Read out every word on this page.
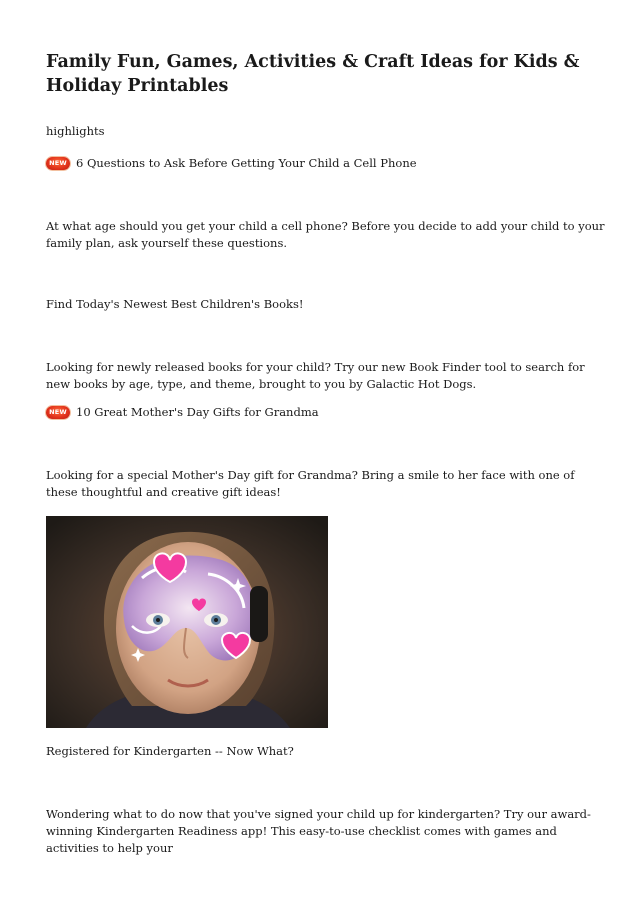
Family Fun, Games, Activities & Craft Ideas for Kids & Holiday Printables

highlights

NEW 6 Questions to Ask Before Getting Your Child a Cell Phone

At what age should you get your child a cell phone? Before you decide to add your child to your family plan, ask yourself these questions.

Find Today's Newest Best Children's Books!

Looking for newly released books for your child? Try our new Book Finder tool to search for new books by age, type, and theme, brought to you by Galactic Hot Dogs.

NEW 10 Great Mother's Day Gifts for Grandma

Looking for a special Mother's Day gift for Grandma? Bring a smile to her face with one of these thoughtful and creative gift ideas!

Registered for Kindergarten -- Now What?

Wondering what to do now that you've signed your child up for kindergarten? Try our award-winning Kindergarten Readiness app! This easy-to-use checklist comes with games and activities to help your
